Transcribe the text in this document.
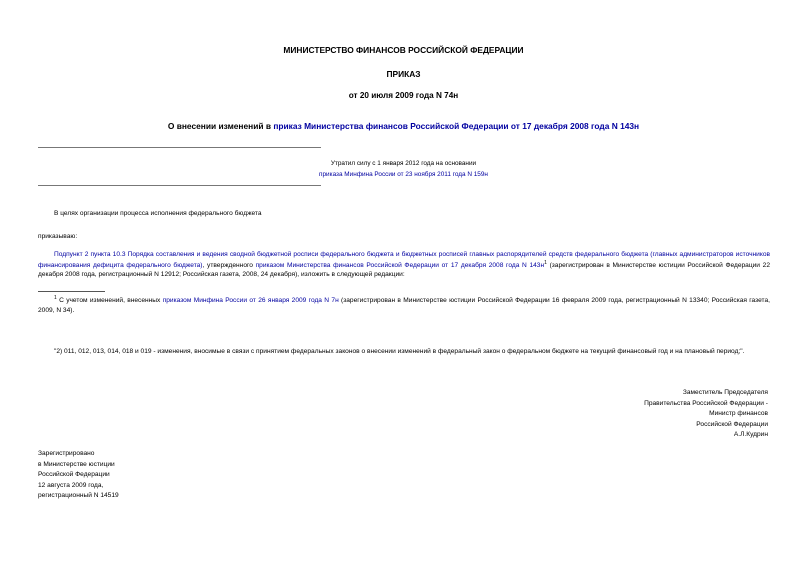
МИНИСТЕРСТВО ФИНАНСОВ РОССИЙСКОЙ ФЕДЕРАЦИИ
ПРИКАЗ
от 20 июля 2009 года N 74н
О внесении изменений в приказ Министерства финансов Российской Федерации от 17 декабря 2008 года N 143н
Утратил силу с 1 января 2012 года на основании
приказа Минфина России от 23 ноября 2011 года N 159н
В целях организации процесса исполнения федерального бюджета
приказываю:
Подпункт 2 пункта 10.3 Порядка составления и ведения сводной бюджетной росписи федерального бюджета и бюджетных росписей главных распорядителей средств федерального бюджета (главных администраторов источников финансирования дефицита федерального бюджета), утвержденного приказом Министерства финансов Российской Федерации от 17 декабря 2008 года N 143н$^1$ (зарегистрирован в Министерстве юстиции Российской Федерации 22 декабря 2008 года, регистрационный N 12912; Российская газета, 2008, 24 декабря), изложить в следующей редакции:
$^1$ С учетом изменений, внесенных приказом Минфина России от 26 января 2009 года N 7н (зарегистрирован в Министерстве юстиции Российской Федерации 16 февраля 2009 года, регистрационный N 13340; Российская газета, 2009, N 34).
"2) 011, 012, 013, 014, 018 и 019 - изменения, вносимые в связи с принятием федеральных законов о внесении изменений в федеральный закон о федеральном бюджете на текущий финансовый год и на плановый период;".
Заместитель Председателя
Правительства Российской Федерации -
Министр финансов
Российской Федерации
А.Л.Кудрин
Зарегистрировано
в Министерстве юстиции
Российской Федерации
12 августа 2009 года,
регистрационный N 14519
